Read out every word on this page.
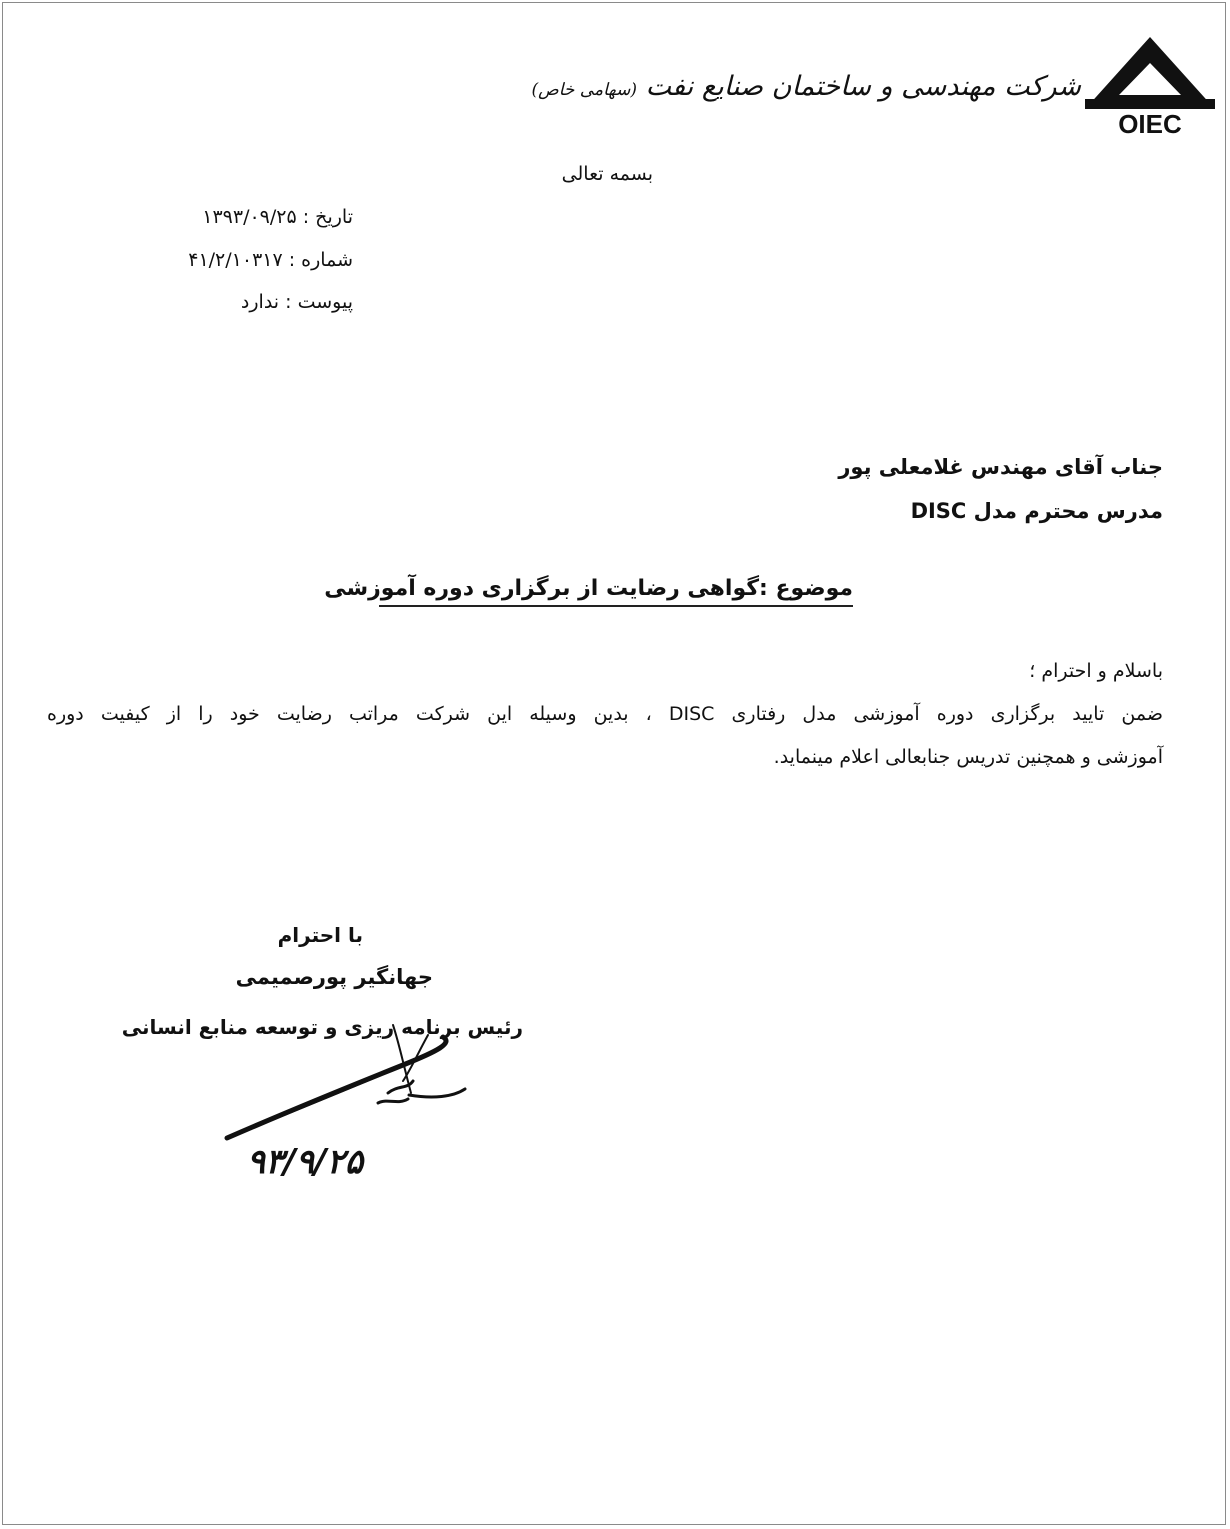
OIEC
شرکت مهندسی و ساختمان صنایع نفت (سهامی خاص)
بسمه تعالی
تاریخ : ۱۳۹۳/۰۹/۲۵
شماره : ۴۱/۲/۱۰۳۱۷
پیوست : ندارد
جناب آقای مهندس غلامعلی پور
مدرس محترم مدل DISC
موضوع :گواهی رضایت از برگزاری دوره آموزشی
باسلام و احترام ؛
ضمن تایید برگزاری دوره آموزشی مدل رفتاری DISC ، بدین وسیله این شرکت مراتب رضایت خود را از کیفیت دوره
آموزشی و همچنین تدریس جنابعالی اعلام مینماید.
با احترام
جهانگیر پورصمیمی
رئیس برنامه ریزی و توسعه منابع انسانی
۹۳/۹/۲۵
